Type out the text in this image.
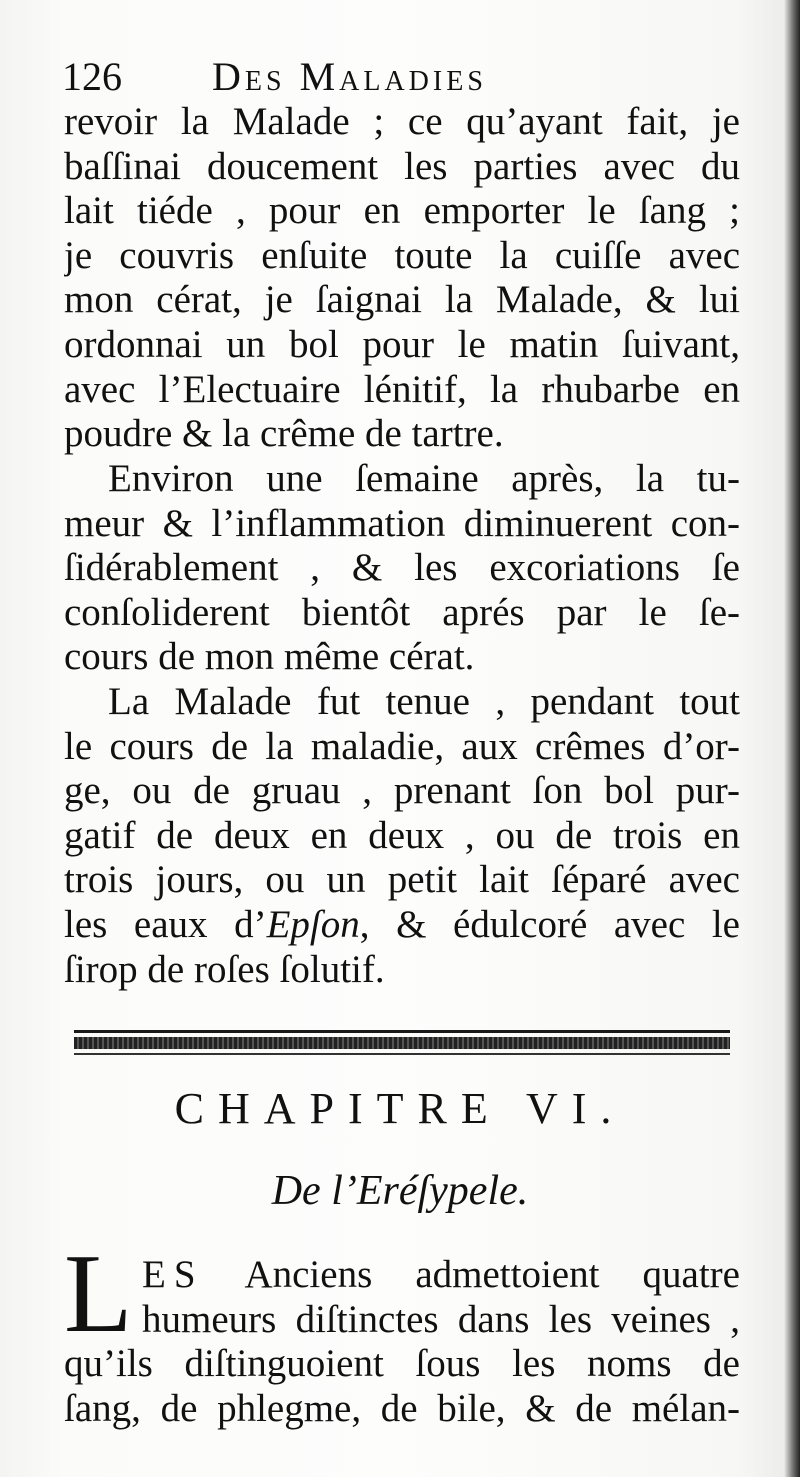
126 Des Maladies
revoir la Malade ; ce qu’ayant fait, je
baſſinai doucement les parties avec du
lait tiéde , pour en emporter le ſang ;
je couvris enſuite toute la cuiſſe avec
mon cérat, je ſaignai la Malade, & lui
ordonnai un bol pour le matin ſuivant,
avec l’Electuaire lénitif, la rhubarbe en
poudre & la crême de tartre.
Environ une ſemaine après, la tu-
meur & l’inflammation diminuerent con-
ſidérablement , & les excoriations ſe
conſoliderent bientôt aprés par le ſe-
cours de mon même cérat.
La Malade fut tenue , pendant tout
le cours de la maladie, aux crêmes d’or-
ge, ou de gruau , prenant ſon bol pur-
gatif de deux en deux , ou de trois en
trois jours, ou un petit lait ſéparé avec
les eaux d’Epſon, & édulcoré avec le
ſirop de roſes ſolutif.
CHAPITRE VI.
De l’Eréſypele.
L ES Anciens admettoient quatre
humeurs diſtinctes dans les veines ,
qu’ils diſtinguoient ſous les noms de
ſang, de phlegme, de bile, & de mélan-
